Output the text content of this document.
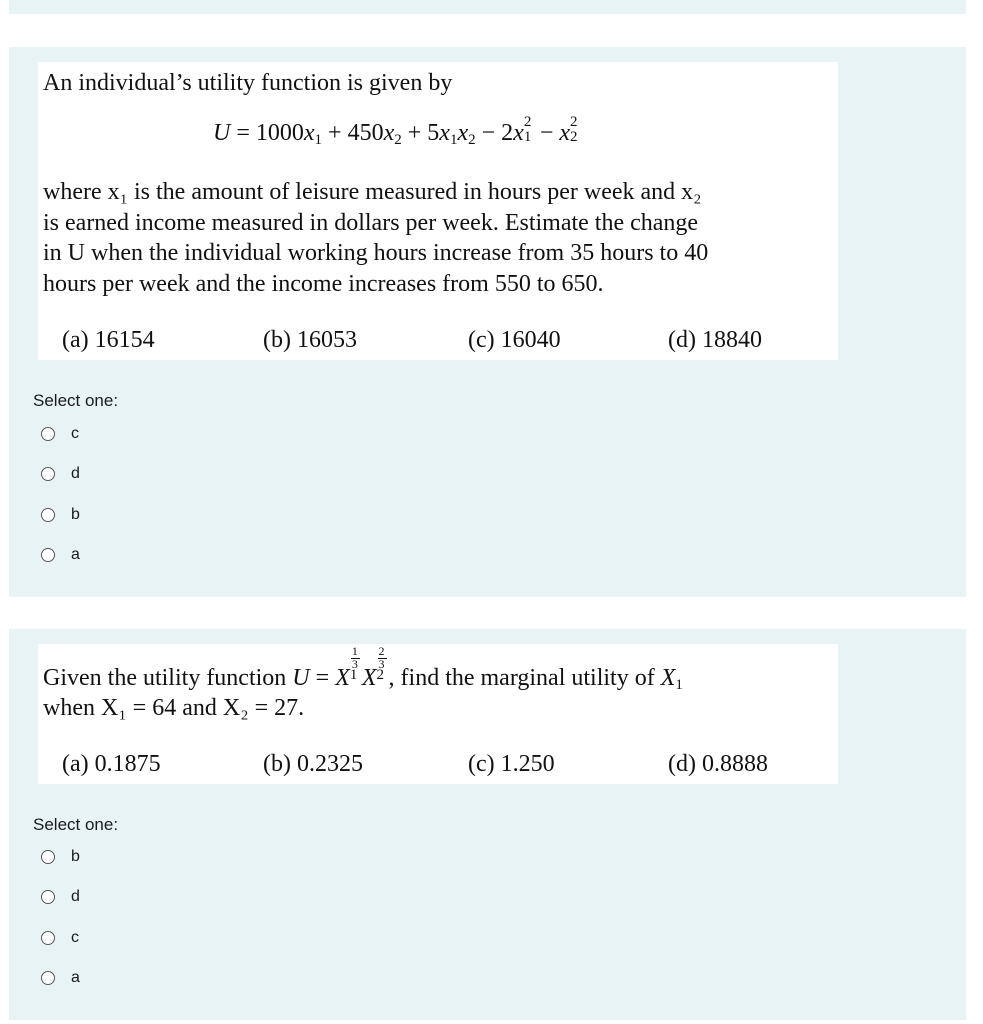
An individual’s utility function is given by
$U = 1000x_1 + 450x_2 + 5x_1x_2 - 2x$ 2
1 − x 2
2

where x₁ is the amount of leisure measured in hours per week and x₂

is earned income measured in dollars per week. Estimate the change

in U when the individual working hours increase from 35 hours to 40

hours per week and the income increases from 550 to 650.

(a) 16154	(b) 16053	(c) 16040	(d) 18840
Select one:
c
d
b
a

Given the utility function U = X
1
3
1 X
2
3
2 , find the marginal utility of X1

when X₁ = 64 and X₂ = 27.

(a) 0.1875	(b) 0.2325	(c) 1.250	(d) 0.8888
Select one:
b
d
c
a
